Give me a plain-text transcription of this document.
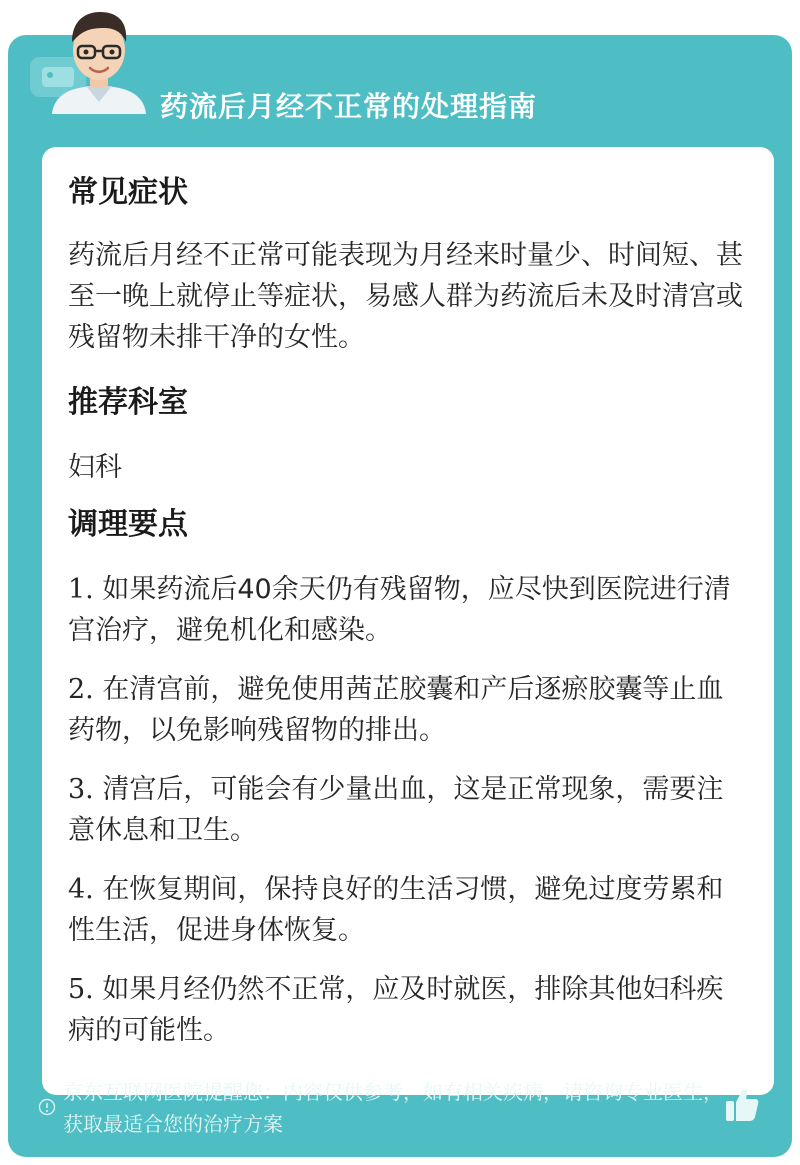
药流后月经不正常的处理指南
常见症状
药流后月经不正常可能表现为月经来时量少、时间短、甚至一晚上就停止等症状，易感人群为药流后未及时清宫或残留物未排干净的女性。
推荐科室
妇科
调理要点
1. 如果药流后40余天仍有残留物，应尽快到医院进行清宫治疗，避免机化和感染。
2. 在清宫前，避免使用茜芷胶囊和产后逐瘀胶囊等止血药物，以免影响残留物的排出。
3. 清宫后，可能会有少量出血，这是正常现象，需要注意休息和卫生。
4. 在恢复期间，保持良好的生活习惯，避免过度劳累和性生活，促进身体恢复。
5. 如果月经仍然不正常，应及时就医，排除其他妇科疾病的可能性。
京东互联网医院提醒您：内容仅供参考，如有相关疾病，请咨询专业医生，获取最适合您的治疗方案
